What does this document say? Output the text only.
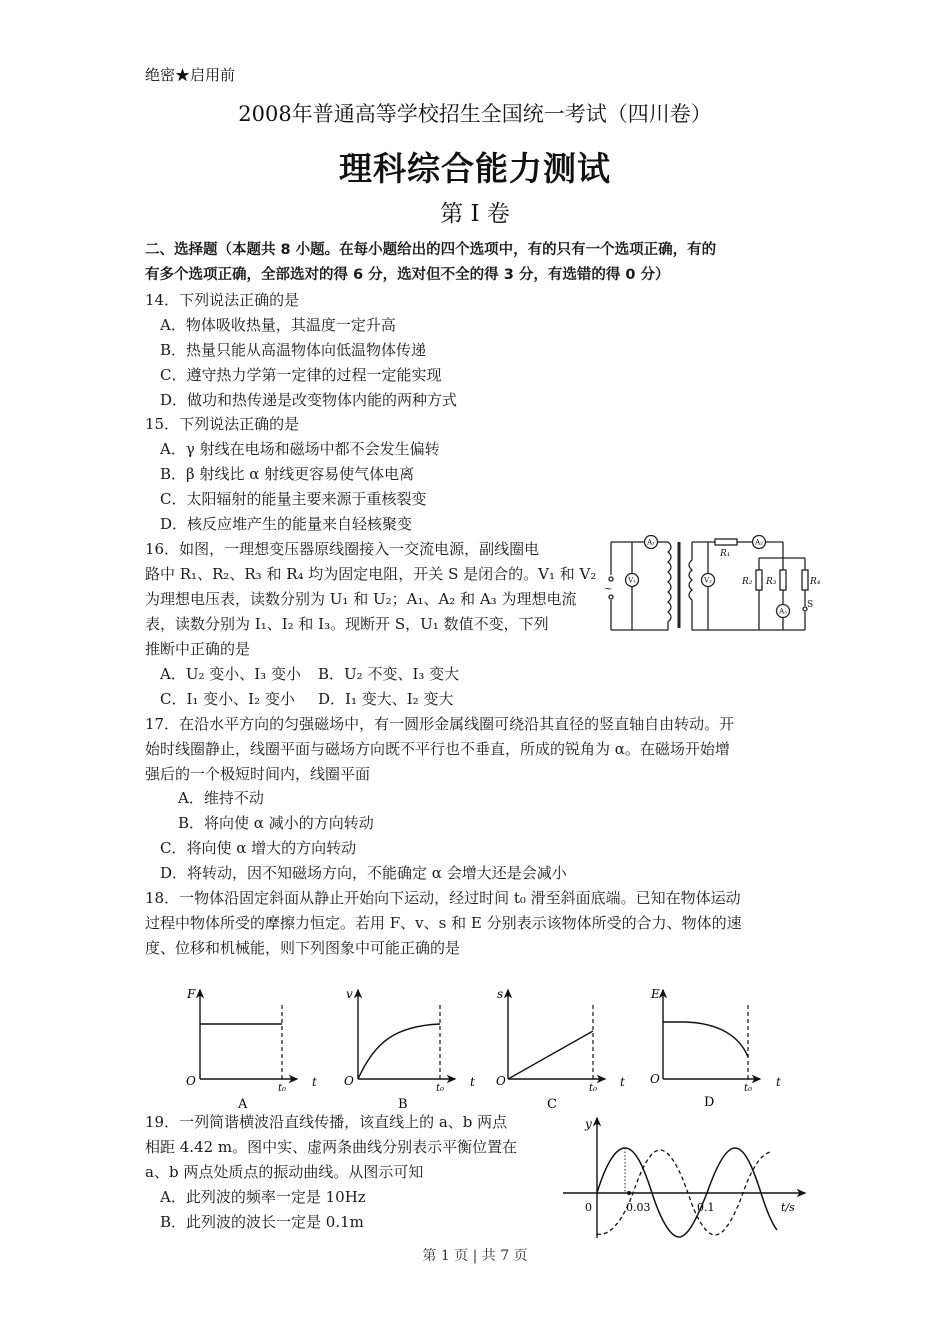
绝密★启用前
2008年普通高等学校招生全国统一考试（四川卷）
理科综合能力测试
第 I 卷
二、选择题（本题共 8 小题。在每小题给出的四个选项中，有的只有一个选项正确，有的
有多个选项正确，全部选对的得 6 分，选对但不全的得 3 分，有选错的得 0 分）
14．下列说法正确的是
A．物体吸收热量，其温度一定升高
B．热量只能从高温物体向低温物体传递
C．遵守热力学第一定律的过程一定能实现
D．做功和热传递是改变物体内能的两种方式
15．下列说法正确的是
A．γ 射线在电场和磁场中都不会发生偏转
B．β 射线比 α 射线更容易使气体电离
C．太阳辐射的能量主要来源于重核裂变
D．核反应堆产生的能量来自轻核聚变
16．如图，一理想变压器原线圈接入一交流电源，副线圈电
路中 R₁、R₂、R₃ 和 R₄ 均为固定电阻，开关 S 是闭合的。V₁ 和 V₂
为理想电压表，读数分别为 U₁ 和 U₂；A₁、A₂ 和 A₃ 为理想电流
表，读数分别为 I₁、I₂ 和 I₃。现断开 S，U₁ 数值不变，下列
推断中正确的是
A．U₂ 变小、I₃ 变小 B．U₂ 不变、I₃ 变大
C．I₁ 变小、I₂ 变小 D．I₁ 变大、I₂ 变大
A₁
V₁	V₂
A₂
A₃
R₁
R₂ R₃	R₄
S
~
17．在沿水平方向的匀强磁场中，有一圆形金属线圈可绕沿其直径的竖直轴自由转动。开
始时线圈静止，线圈平面与磁场方向既不平行也不垂直，所成的锐角为 α。在磁场开始增
强后的一个极短时间内，线圈平面
A．维持不动
B．将向使 α 减小的方向转动
C．将向使 α 增大的方向转动
D．将转动，因不知磁场方向，不能确定 α 会增大还是会减小
18．一物体沿固定斜面从静止开始向下运动，经过时间 t₀ 滑至斜面底端。已知在物体运动
过程中物体所受的摩擦力恒定。若用 F、v、s 和 E 分别表示该物体所受的合力、物体的速
度、位移和机械能，则下列图象中可能正确的是
F
O
t₀ t
A
v
O
t₀ t
B
s
O
t₀ t
C
E
O
t₀ t
D
19．一列简谐横波沿直线传播，该直线上的 a、b 两点
相距 4.42 m。图中实、虚两条曲线分别表示平衡位置在
a、b 两点处质点的振动曲线。从图示可知
A．此列波的频率一定是 10Hz
B．此列波的波长一定是 0.1m
0	0.03	0.1
y
t/s
第 1 页 | 共 7 页
